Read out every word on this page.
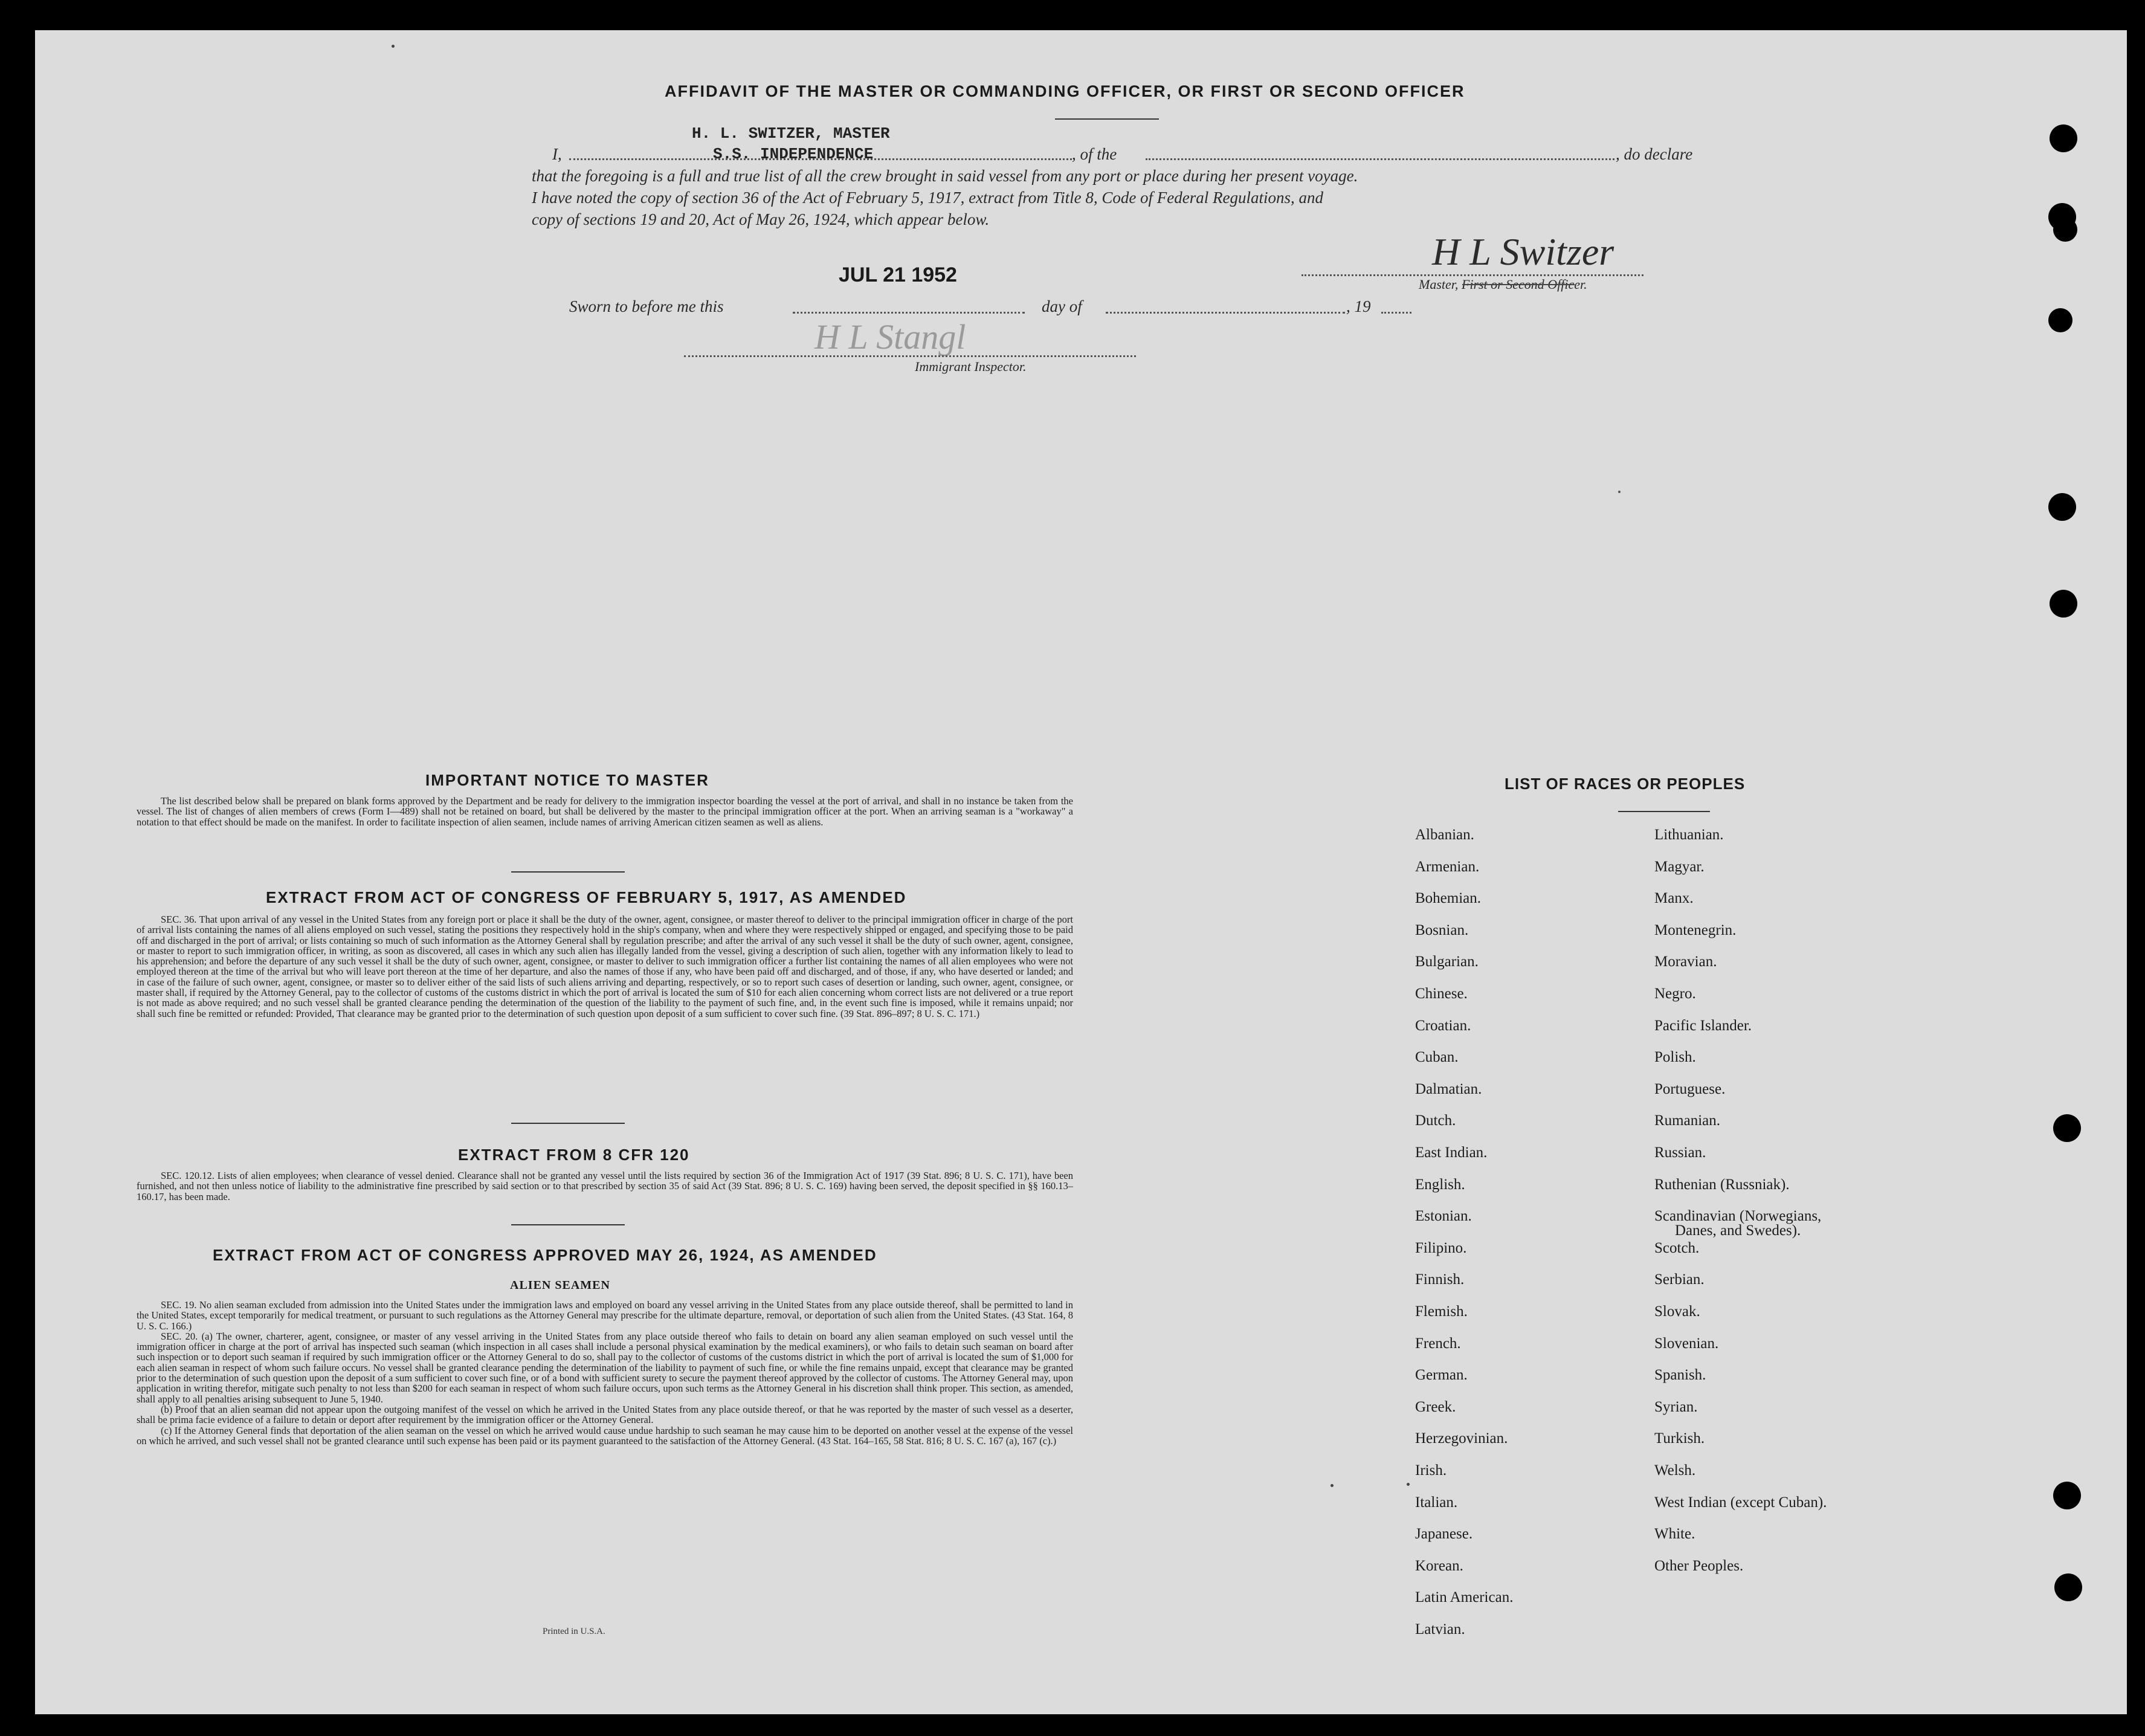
AFFIDAVIT OF THE MASTER OR COMMANDING OFFICER, OR FIRST OR SECOND OFFICER
H. L. SWITZER, MASTER
I,	S.S. INDEPENDENCE	, of the	, do declare
that the foregoing is a full and true list of all the crew brought in said vessel from any port or place during her present voyage.
I have noted the copy of section 36 of the Act of February 5, 1917, extract from Title 8, Code of Federal Regulations, and
copy of sections 19 and 20, Act of May 26, 1924, which appear below.
JUL 21 1952
H L Switzer
Master, First or Second Officer.
Sworn to before me this	day of	, 19
H L Stangl
Immigrant Inspector.
IMPORTANT NOTICE TO MASTER

The list described below shall be prepared on blank forms approved by the Department and be ready for delivery to the immigration inspector boarding the vessel at the port of arrival, and shall in no instance be taken from the vessel. The list of changes of alien members of crews (Form I—489) shall not be retained on board, but shall be delivered by the master to the principal immigration officer at the port. When an arriving seaman is a "workaway" a notation to that effect should be made on the manifest. In order to facilitate inspection of alien seamen, include names of arriving American citizen seamen as well as aliens.

EXTRACT FROM ACT OF CONGRESS OF FEBRUARY 5, 1917, AS AMENDED

SEC. 36. That upon arrival of any vessel in the United States from any foreign port or place it shall be the duty of the owner, agent, consignee, or master thereof to deliver to the principal immigration officer in charge of the port of arrival lists containing the names of all aliens employed on such vessel, stating the positions they respectively hold in the ship's company, when and where they were respectively shipped or engaged, and specifying those to be paid off and discharged in the port of arrival; or lists containing so much of such information as the Attorney General shall by regulation prescribe; and after the arrival of any such vessel it shall be the duty of such owner, agent, consignee, or master to report to such immigration officer, in writing, as soon as discovered, all cases in which any such alien has illegally landed from the vessel, giving a description of such alien, together with any information likely to lead to his apprehension; and before the departure of any such vessel it shall be the duty of such owner, agent, consignee, or master to deliver to such immigration officer a further list containing the names of all alien employees who were not employed thereon at the time of the arrival but who will leave port thereon at the time of her departure, and also the names of those if any, who have been paid off and discharged, and of those, if any, who have deserted or landed; and in case of the failure of such owner, agent, consignee, or master so to deliver either of the said lists of such aliens arriving and departing, respectively, or so to report such cases of desertion or landing, such owner, agent, consignee, or master shall, if required by the Attorney General, pay to the collector of customs of the customs district in which the port of arrival is located the sum of $10 for each alien concerning whom correct lists are not delivered or a true report is not made as above required; and no such vessel shall be granted clearance pending the determination of the question of the liability to the payment of such fine, and, in the event such fine is imposed, while it remains unpaid; nor shall such fine be remitted or refunded: Provided, That clearance may be granted prior to the determination of such question upon deposit of a sum sufficient to cover such fine. (39 Stat. 896–897; 8 U. S. C. 171.)

EXTRACT FROM 8 CFR 120

SEC. 120.12. Lists of alien employees; when clearance of vessel denied. Clearance shall not be granted any vessel until the lists required by section 36 of the Immigration Act of 1917 (39 Stat. 896; 8 U. S. C. 171), have been furnished, and not then unless notice of liability to the administrative fine prescribed by said section or to that prescribed by section 35 of said Act (39 Stat. 896; 8 U. S. C. 169) having been served, the deposit specified in §§ 160.13–160.17, has been made.

EXTRACT FROM ACT OF CONGRESS APPROVED MAY 26, 1924, AS AMENDED
ALIEN SEAMEN

SEC. 19. No alien seaman excluded from admission into the United States under the immigration laws and employed on board any vessel arriving in the United States from any place outside thereof, shall be permitted to land in the United States, except temporarily for medical treatment, or pursuant to such regulations as the Attorney General may prescribe for the ultimate departure, removal, or deportation of such alien from the United States. (43 Stat. 164, 8 U. S. C. 166.)

SEC. 20. (a) The owner, charterer, agent, consignee, or master of any vessel arriving in the United States from any place outside thereof who fails to detain on board any alien seaman employed on such vessel until the immigration officer in charge at the port of arrival has inspected such seaman (which inspection in all cases shall include a personal physical examination by the medical examiners), or who fails to detain such seaman on board after such inspection or to deport such seaman if required by such immigration officer or the Attorney General to do so, shall pay to the collector of customs of the customs district in which the port of arrival is located the sum of $1,000 for each alien seaman in respect of whom such failure occurs. No vessel shall be granted clearance pending the determination of the liability to payment of such fine, or while the fine remains unpaid, except that clearance may be granted prior to the determination of such question upon the deposit of a sum sufficient to cover such fine, or of a bond with sufficient surety to secure the payment thereof approved by the collector of customs. The Attorney General may, upon application in writing therefor, mitigate such penalty to not less than $200 for each seaman in respect of whom such failure occurs, upon such terms as the Attorney General in his discretion shall think proper. This section, as amended, shall apply to all penalties arising subsequent to June 5, 1940.

(b) Proof that an alien seaman did not appear upon the outgoing manifest of the vessel on which he arrived in the United States from any place outside thereof, or that he was reported by the master of such vessel as a deserter, shall be prima facie evidence of a failure to detain or deport after requirement by the immigration officer or the Attorney General.

(c) If the Attorney General finds that deportation of the alien seaman on the vessel on which he arrived would cause undue hardship to such seaman he may cause him to be deported on another vessel at the expense of the vessel on which he arrived, and such vessel shall not be granted clearance until such expense has been paid or its payment guaranteed to the satisfaction of the Attorney General. (43 Stat. 164–165, 58 Stat. 816; 8 U. S. C. 167 (a), 167 (c).)

Printed in U.S.A.
LIST OF RACES OR PEOPLES
Albanian.
Armenian.
Bohemian.
Bosnian.
Bulgarian.
Chinese.
Croatian.
Cuban.
Dalmatian.
Dutch.
East Indian.
English.
Estonian.
Filipino.
Finnish.
Flemish.
French.
German.
Greek.
Herzegovinian.
Irish.
Italian.
Japanese.
Korean.
Latin American.
Latvian.
Lithuanian.
Magyar.
Manx.
Montenegrin.
Moravian.
Negro.
Pacific Islander.
Polish.
Portuguese.
Rumanian.
Russian.
Ruthenian (Russniak).
Scandinavian (Norwegians,
Danes, and Swedes).
Scotch.
Serbian.
Slovak.
Slovenian.
Spanish.
Syrian.
Turkish.
Welsh.
West Indian (except Cuban).
White.
Other Peoples.
